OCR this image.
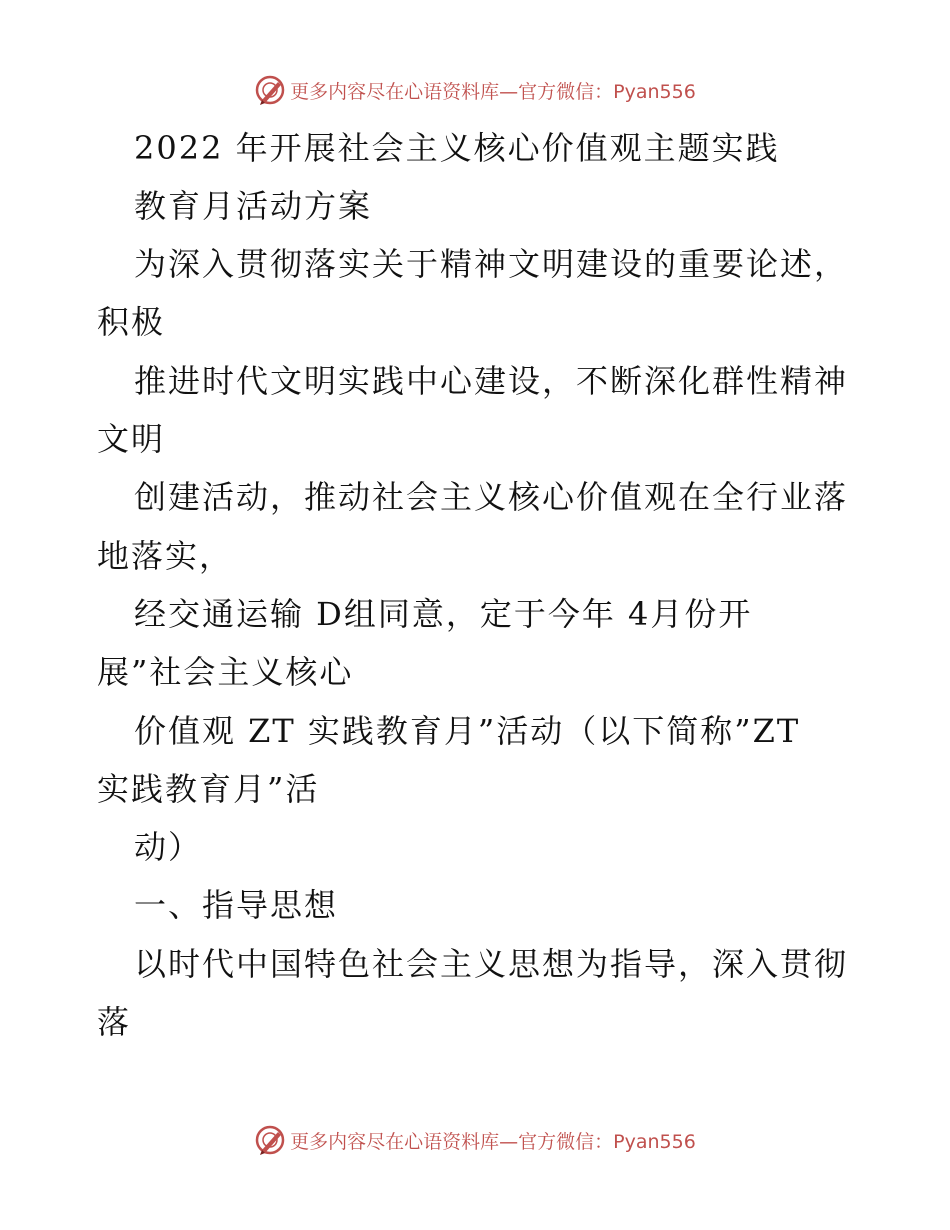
更多内容尽在心语资料库—官方微信：Pyan556
2022 年开展社会主义核心价值观主题实践
教育月活动方案
为深入贯彻落实关于精神文明建设的重要论述，
积极
推进时代文明实践中心建设，不断深化群性精神
文明
创建活动，推动社会主义核心价值观在全行业落
地落实，
经交通运输 D组同意，定于今年 4月份开
展”社会主义核心
价值观 ZT 实践教育月”活动（以下简称”ZT
实践教育月”活
动）
一、指导思想
以时代中国特色社会主义思想为指导，深入贯彻
落
更多内容尽在心语资料库—官方微信：Pyan556
